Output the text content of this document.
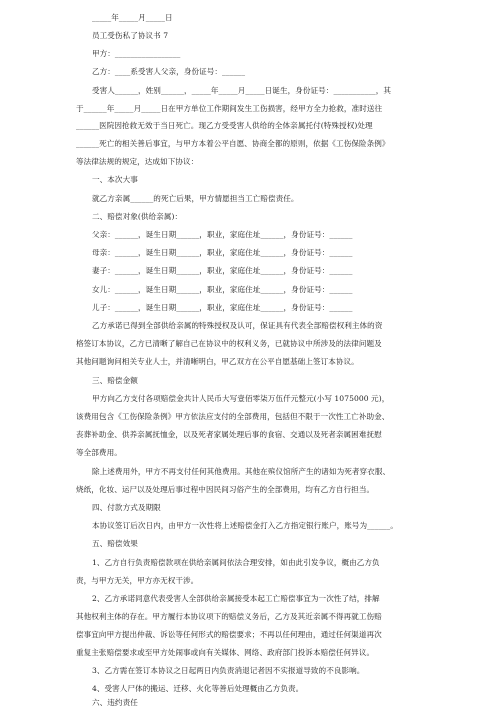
_____年_____月_____日
员工受伤私了协议书 7
甲方：_________________
乙方：____系受害人父亲，身份证号：______
受害人______，姓别______，_____年_____月_____日诞生，身份证号：___________，其
于______年_____月_____日在甲方单位工作期间发生工伤损害，经甲方全力抢救，准时送往
______医院因抢救无效于当日死亡。现乙方受受害人供给的全体亲属托付(特殊授权)处理
______死亡的相关善后事宜，与甲方本着公平自愿、协商全都的原则，依据《工伤保险条例》
等法律法规的规定，达成如下协议：
一、本次大事
就乙方亲属______的死亡后果，甲方情愿担当工亡赔偿责任。
二、赔偿对象(供给亲属)：
父亲：______，诞生日期______，职业，家庭住址______，身份证号：______
母亲：______，诞生日期______，职业，家庭住址______，身份证号：______
妻子：______，诞生日期______，职业，家庭住址______，身份证号：______
女儿：______，诞生日期______，职业，家庭住址______，身份证号：______
儿子：______，诞生日期______，职业，家庭住址______，身份证号：______
乙方承诺已得到全部供给亲属的特殊授权及认可，保证具有代表全部赔偿权利主体的资
格签订本协议，乙方已清晰了解自己在协议中的权利义务，已就协议中所涉及的法律问题及
其他问题询问相关专业人士，并清晰明白，甲乙双方在公平自愿基础上签订本协议。
三、赔偿金额
甲方向乙方支付各项赔偿金共计人民币大写壹佰零柒万伍仟元整元(小写 1075000 元)，
该费用包含《工伤保险条例》甲方依法应支付的全部费用，包括但不限于一次性工亡补助金、
丧葬补助金、供养亲属抚恤金，以及死者家属处理后事的食宿、交通以及死者亲属困难抚慰
等全部费用。
除上述费用外，甲方不再支付任何其他费用。其他在殡仪馆所产生的诸如为死者穿衣服、
烧纸，化妆、运尸以及处理后事过程中因民间习俗产生的全部费用，均有乙方自行担当。
四、付款方式及期限
本协议签订后次日内，由甲方一次性将上述赔偿金打入乙方指定银行账户，账号为______。
五、赔偿效果
1、乙方自行负责赔偿款项在供给亲属间依法合理安排，如由此引发争议，概由乙方负
责，与甲方无关，甲方亦无权干涉。
2、乙方承诺同意代表受害人全部供给亲属接受本起工亡赔偿事宜为一次性了结，排解
其他权利主体的存在。甲方履行本协议项下的赔偿义务后，乙方及其近亲属不得再就工伤赔
偿事宜向甲方提出仲裁、诉讼等任何形式的赔偿要求；不再以任何理由，通过任何渠道再次
重复主张赔偿要求或至甲方处闹事或向有关媒体、网络、政府部门投诉本赔偿任何异议。
3、乙方需在签订本协议之日起两日内负责消退记者因不实报道导致的不良影响。
4、受害人尸体的搬运、迁移、火化等善后处理概由乙方负责。
六、违约责任
